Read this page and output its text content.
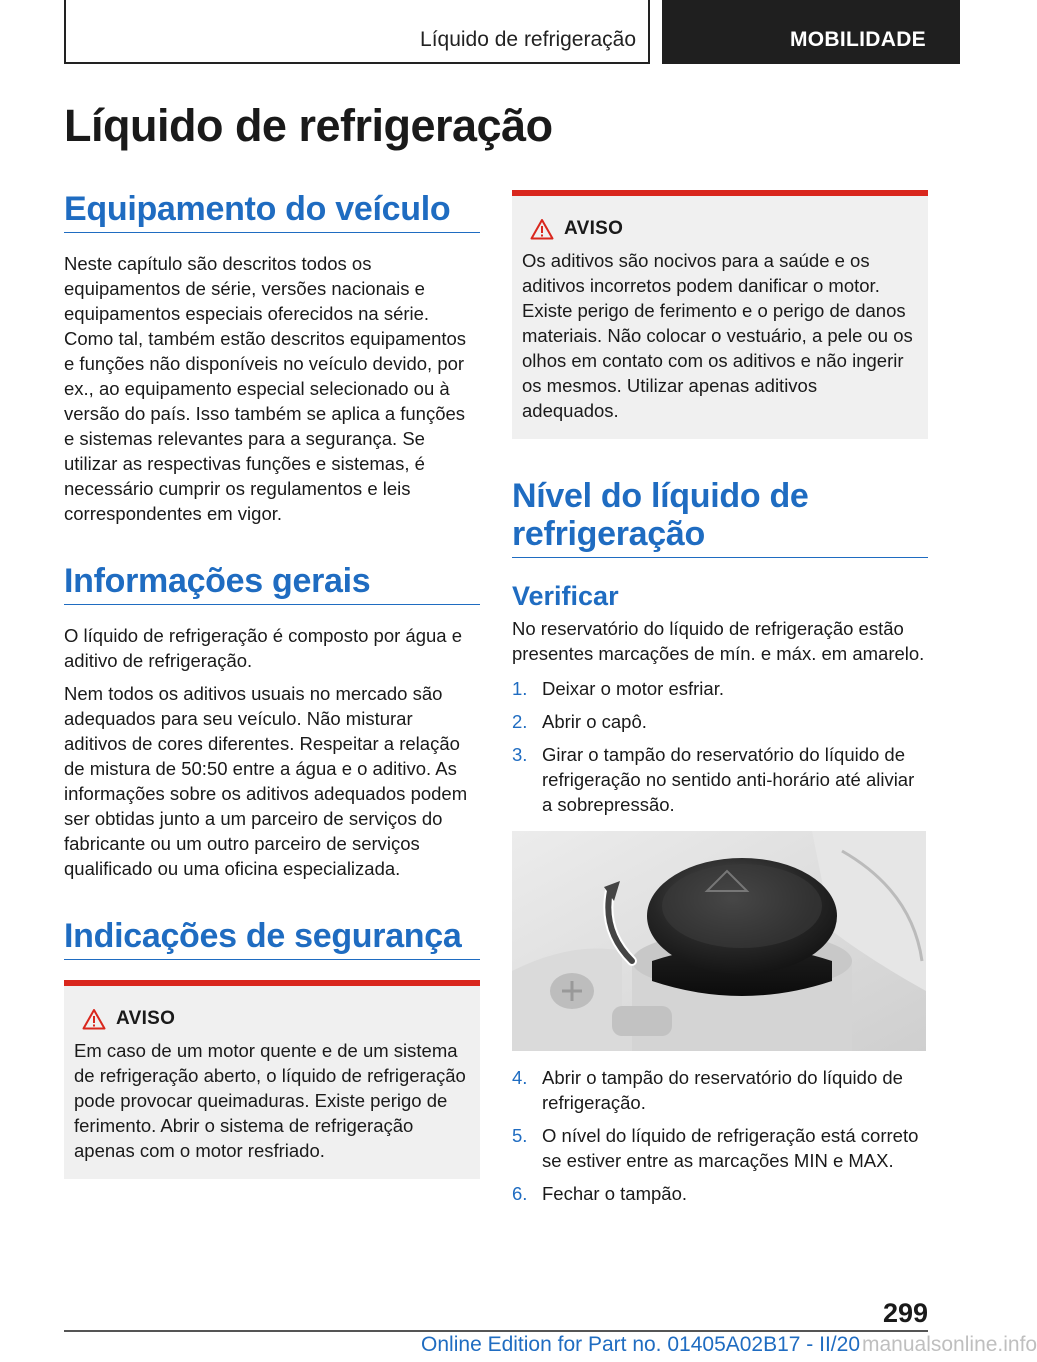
Líquido de refrigeração	MOBILIDADE
Líquido de refrigeração
Equipamento do veículo

Neste capítulo são descritos todos os equipamentos de série, versões nacionais e equipamentos especiais oferecidos na série. Como tal, também estão descritos equipamentos e funções não disponíveis no veículo devido, por ex., ao equipamento especial selecionado ou à versão do país. Isso também se aplica a funções e sistemas relevantes para a segurança. Se utilizar as respectivas funções e sistemas, é necessário cumprir os regulamentos e leis correspondentes em vigor.

Informações gerais

O líquido de refrigeração é composto por água e aditivo de refrigeração.

Nem todos os aditivos usuais no mercado são adequados para seu veículo. Não misturar aditivos de cores diferentes. Respeitar a relação de mistura de 50:50 entre a água e o aditivo. As informações sobre os aditivos adequados podem ser obtidas junto a um parceiro de serviços do fabricante ou um outro parceiro de serviços qualificado ou uma oficina especializada.

Indicações de segurança
AVISO

Em caso de um motor quente e de um sistema de refrigeração aberto, o líquido de refrigeração pode provocar queimaduras. Existe perigo de ferimento. Abrir o sistema de refrigeração apenas com o motor resfriado.

AVISO

Os aditivos são nocivos para a saúde e os aditivos incorretos podem danificar o motor. Existe perigo de ferimento e o perigo de danos materiais. Não colocar o vestuário, a pele ou os olhos em contato com os aditivos e não ingerir os mesmos. Utilizar apenas aditivos adequados.

Nível do líquido de refrigeração
Verificar

No reservatório do líquido de refrigeração estão presentes marcações de mín. e máx. em amarelo.

1. Deixar o motor esfriar.
2. Abrir o capô.
3. Girar o tampão do reservatório do líquido de refrigeração no sentido anti-horário até aliviar a sobrepressão.
4. Abrir o tampão do reservatório do líquido de refrigeração.
5. O nível do líquido de refrigeração está correto se estiver entre as marcações MIN e MAX.
6. Fechar o tampão.
299
Online Edition for Part no. 01405A02B17 - II/20 manualsonline.info
